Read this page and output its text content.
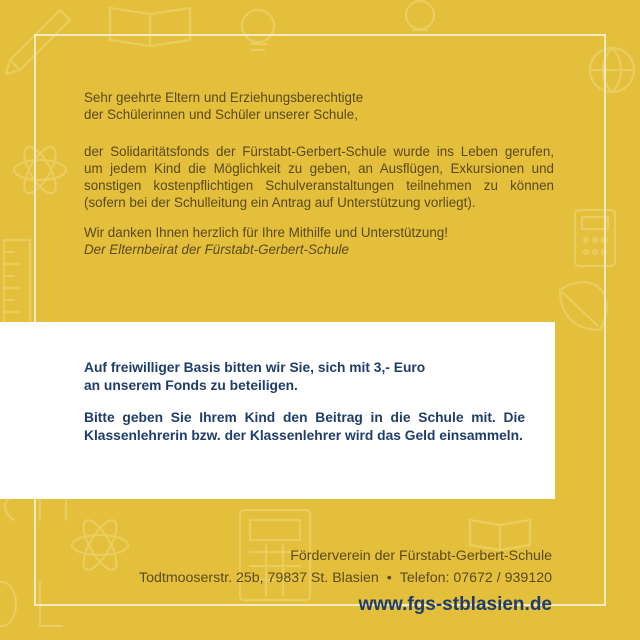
Sehr geehrte Eltern und Erziehungsberechtigte
der Schülerinnen und Schüler unserer Schule,

der Solidaritätsfonds der Fürstabt-Gerbert-Schule wurde ins Leben gerufen, um jedem Kind die Möglichkeit zu geben, an Ausflügen, Exkursionen und sonstigen kostenpflichtigen Schulveranstaltungen teilnehmen zu können (sofern bei der Schulleitung ein Antrag auf Unterstützung vorliegt).

Wir danken Ihnen herzlich für Ihre Mithilfe und Unterstützung!

Der Elternbeirat der Fürstabt-Gerbert-Schule

Auf freiwilliger Basis bitten wir Sie, sich mit 3,- Euro
an unserem Fonds zu beteiligen.

Bitte geben Sie Ihrem Kind den Beitrag in die Schule mit. Die Klassenlehrerin bzw. der Klassenlehrer wird das Geld einsammeln.

Förderverein der Fürstabt-Gerbert-Schule
Todtmooserstr. 25b, 79837 St. Blasien • Telefon: 07672 / 939120
www.fgs-stblasien.de
